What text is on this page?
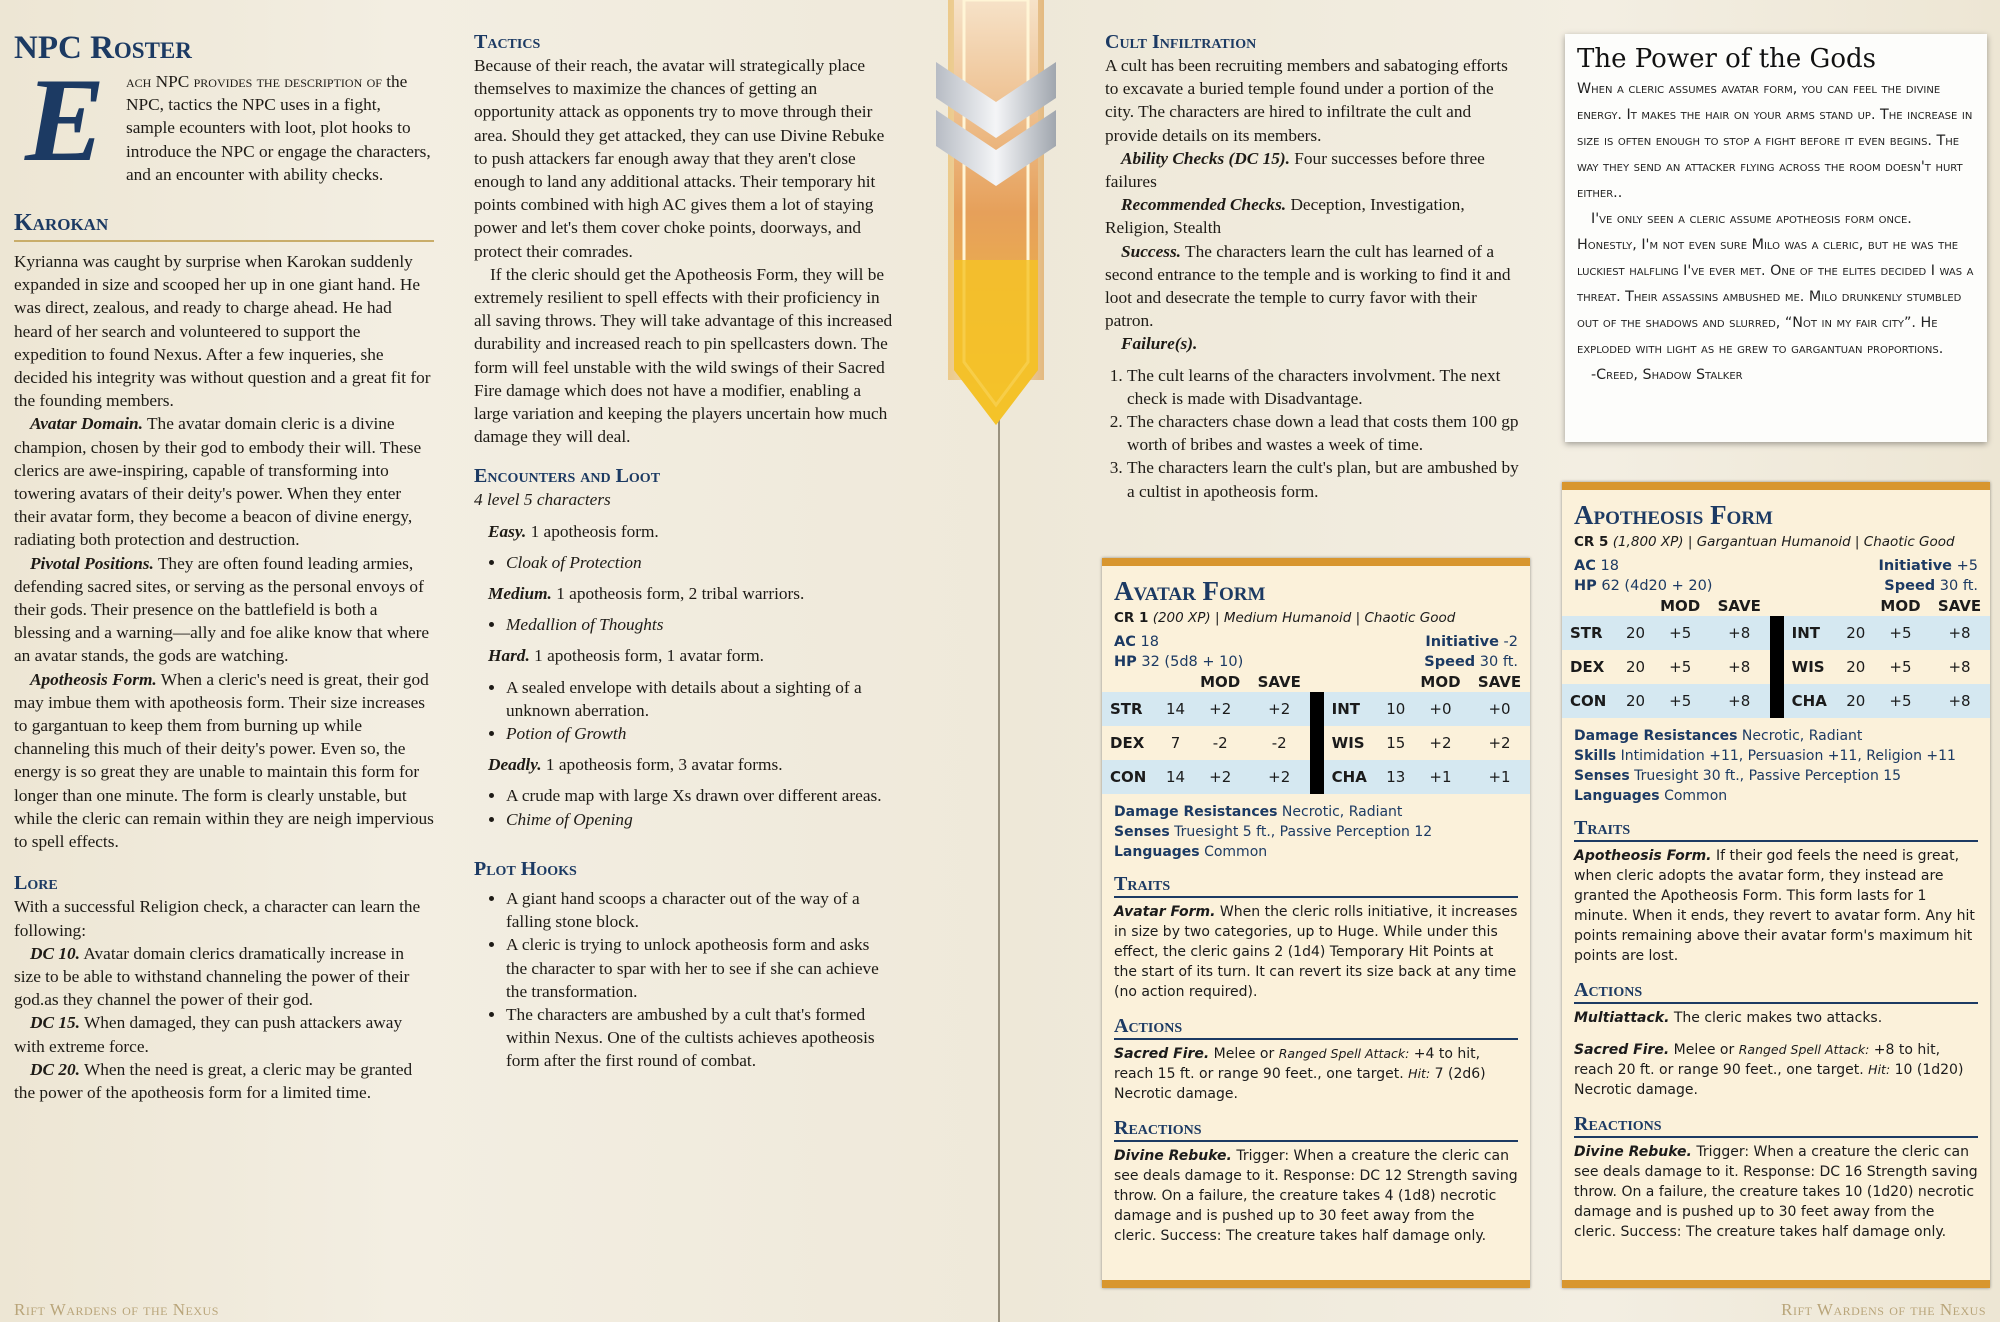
NPC Roster
E	ach NPC provides the description of the NPC, tactics the NPC uses in a fight, sample ecounters with loot, plot hooks to introduce the NPC or engage the characters, and an encounter with ability checks.

Karokan

Kyrianna was caught by surprise when Karokan suddenly expanded in size and scooped her up in one giant hand. He was direct, zealous, and ready to charge ahead. He had heard of her search and volunteered to support the expedition to found Nexus. After a few inqueries, she decided his integrity was without question and a great fit for the founding members.

Avatar Domain. The avatar domain cleric is a divine champion, chosen by their god to embody their will. These clerics are awe-inspiring, capable of transforming into towering avatars of their deity's power. When they enter their avatar form, they become a beacon of divine energy, radiating both protection and destruction.

Pivotal Positions. They are often found leading armies, defending sacred sites, or serving as the personal envoys of their gods. Their presence on the battlefield is both a blessing and a warning—ally and foe alike know that where an avatar stands, the gods are watching.

Apotheosis Form. When a cleric's need is great, their god may imbue them with apotheosis form. Their size increases to gargantuan to keep them from burning up while channeling this much of their deity's power. Even so, the energy is so great they are unable to maintain this form for longer than one minute. The form is clearly unstable, but while the cleric can remain within they are neigh impervious to spell effects.

Lore

With a successful Religion check, a character can learn the following:

DC 10. Avatar domain clerics dramatically increase in size to be able to withstand channeling the power of their god.as they channel the power of their god.

DC 15. When damaged, they can push attackers away with extreme force.

DC 20. When the need is great, a cleric may be granted the power of the apotheosis form for a limited time.

Tactics

Because of their reach, the avatar will strategically place themselves to maximize the chances of getting an opportunity attack as opponents try to move through their area. Should they get attacked, they can use Divine Rebuke to push attackers far enough away that they aren't close enough to land any additional attacks. Their temporary hit points combined with high AC gives them a lot of staying power and let's them cover choke points, doorways, and protect their comrades.

If the cleric should get the Apotheosis Form, they will be extremely resilient to spell effects with their proficiency in all saving throws. They will take advantage of this increased durability and increased reach to pin spellcasters down. The form will feel unstable with the wild swings of their Sacred Fire damage which does not have a modifier, enabling a large variation and keeping the players uncertain how much damage they will deal.

Encounters and Loot

4 level 5 characters

Easy. 1 apotheosis form.

• Cloak of Protection

Medium. 1 apotheosis form, 2 tribal warriors.

• Medallion of Thoughts

Hard. 1 apotheosis form, 1 avatar form.

• A sealed envelope with details about a sighting of a unknown aberration.
• Potion of Growth

Deadly. 1 apotheosis form, 3 avatar forms.

• A crude map with large Xs drawn over different areas.
• Chime of Opening
Plot Hooks
• A giant hand scoops a character out of the way of a falling stone block.
• A cleric is trying to unlock apotheosis form and asks the character to spar with her to see if she can achieve the transformation.
• The characters are ambushed by a cult that's formed within Nexus. One of the cultists achieves apotheosis form after the first round of combat.
Rift Wardens of the Nexus
Cult Infiltration

A cult has been recruiting members and sabatoging efforts to excavate a buried temple found under a portion of the city. The characters are hired to infiltrate the cult and provide details on its members.

Ability Checks (DC 15). Four successes before three failures

Recommended Checks. Deception, Investigation, Religion, Stealth

Success. The characters learn the cult has learned of a second entrance to the temple and is working to find it and loot and desecrate the temple to curry favor with their patron.

Failure(s).

1. The cult learns of the characters involvment. The next check is made with Disadvantage.
2. The characters chase down a lead that costs them 100 gp worth of bribes and wastes a week of time.
3. The characters learn the cult's plan, but are ambushed by a cultist in apotheosis form.
Avatar Form
CR 1 (200 XP) | Medium Humanoid | Chaotic Good
AC 18	Initiative -2
HP 32 (5d8 + 10)	Speed 30 ft.
		MOD	SAVE				MOD	SAVE
STR	14	+2	+2		INT	10	+0	+0
DEX	7	-2	-2		WIS	15	+2	+2
CON	14	+2	+2		CHA	13	+1	+1
Damage Resistances Necrotic, Radiant
Senses Truesight 5 ft., Passive Perception 12
Languages Common
Traits

Avatar Form. When the cleric rolls initiative, it increases in size by two categories, up to Huge. While under this effect, the cleric gains 2 (1d4) Temporary Hit Points at the start of its turn. It can revert its size back at any time (no action required).

Actions

Sacred Fire. Melee or Ranged Spell Attack: +4 to hit, reach 15 ft. or range 90 feet., one target. Hit: 7 (2d6) Necrotic damage.

Reactions

Divine Rebuke. Trigger: When a creature the cleric can see deals damage to it. Response: DC 12 Strength saving throw. On a failure, the creature takes 4 (1d8) necrotic damage and is pushed up to 30 feet away from the cleric. Success: The creature takes half damage only.

The Power of the Gods

When a cleric assumes avatar form, you can feel the divine energy. It makes the hair on your arms stand up. The increase in size is often enough to stop a fight before it even begins. The way they send an attacker flying across the room doesn't hurt either..

I've only seen a cleric assume apotheosis form once. Honestly, I'm not even sure Milo was a cleric, but he was the luckiest halfling I've ever met. One of the elites decided I was a threat. Their assassins ambushed me. Milo drunkenly stumbled out of the shadows and slurred, “Not in my fair city”. He exploded with light as he grew to gargantuan proportions.

-Creed, Shadow Stalker

Apotheosis Form
CR 5 (1,800 XP) | Gargantuan Humanoid | Chaotic Good
AC 18	Initiative +5
HP 62 (4d20 + 20)	Speed 30 ft.
		MOD	SAVE				MOD	SAVE
STR	20	+5	+8		INT	20	+5	+8
DEX	20	+5	+8		WIS	20	+5	+8
CON	20	+5	+8		CHA	20	+5	+8
Damage Resistances Necrotic, Radiant
Skills Intimidation +11, Persuasion +11, Religion +11
Senses Truesight 30 ft., Passive Perception 15
Languages Common
Traits

Apotheosis Form. If their god feels the need is great, when cleric adopts the avatar form, they instead are granted the Apotheosis Form. This form lasts for 1 minute. When it ends, they revert to avatar form. Any hit points remaining above their avatar form's maximum hit points are lost.

Actions

Multiattack. The cleric makes two attacks.

Sacred Fire. Melee or Ranged Spell Attack: +8 to hit, reach 20 ft. or range 90 feet., one target. Hit: 10 (1d20) Necrotic damage.

Reactions

Divine Rebuke. Trigger: When a creature the cleric can see deals damage to it. Response: DC 16 Strength saving throw. On a failure, the creature takes 10 (1d20) necrotic damage and is pushed up to 30 feet away from the cleric. Success: The creature takes half damage only.

Rift Wardens of the Nexus
